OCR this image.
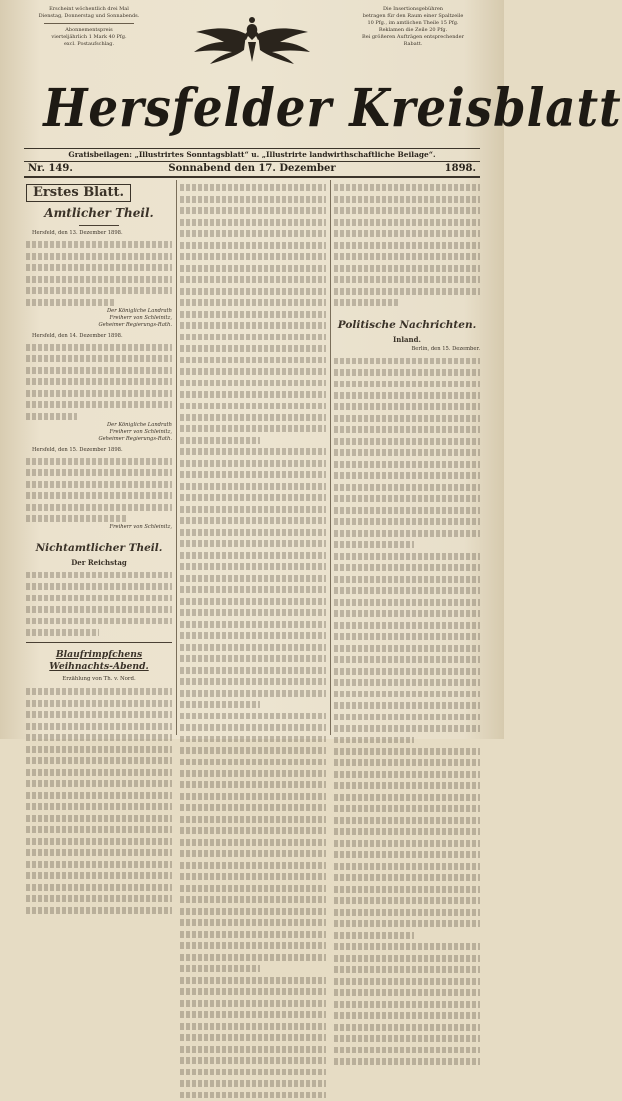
Erscheint wöchentlich drei Mal
Dienstag, Donnerstag und Sonnabends.
Abonnementspreis
vierteljährlich 1 Mark 40 Pfg.
excl. Postaufschlag.
Die Insertionsgebühren
betragen für den Raum einer Spaltzeile
10 Pfg., im amtlichen Theile 15 Pfg.
Reklamen die Zeile 20 Pfg.
Bei größeren Aufträgen entsprechender
Rabatt.
Hersfelder Kreisblatt
Gratisbeilagen: „Illustrirtes Sonntagsblatt“ u. „Illustrirte landwirthschaftliche Beilage“.
Nr. 149.	Sonnabend den 17. Dezember	1898.
Erstes Blatt.
Amtlicher Theil.
Hersfeld, den 13. Dezember 1898.
Der Königliche Landrath
Freiherr von Schleinitz,
Geheimer Regierungs-Rath.
Hersfeld, den 14. Dezember 1898.
Der Königliche Landrath
Freiherr von Schleinitz,
Geheimer Regierungs-Rath.
Hersfeld, den 15. Dezember 1898.
Freiherr von Schleinitz,
Nichtamtlicher Theil.
Der Reichstag
Blaufrimpfchens Weihnachts-Abend.
Erzählung von Th. v. Nord.
Politische Nachrichten.
Inland.
Berlin, den 15. Dezember.
